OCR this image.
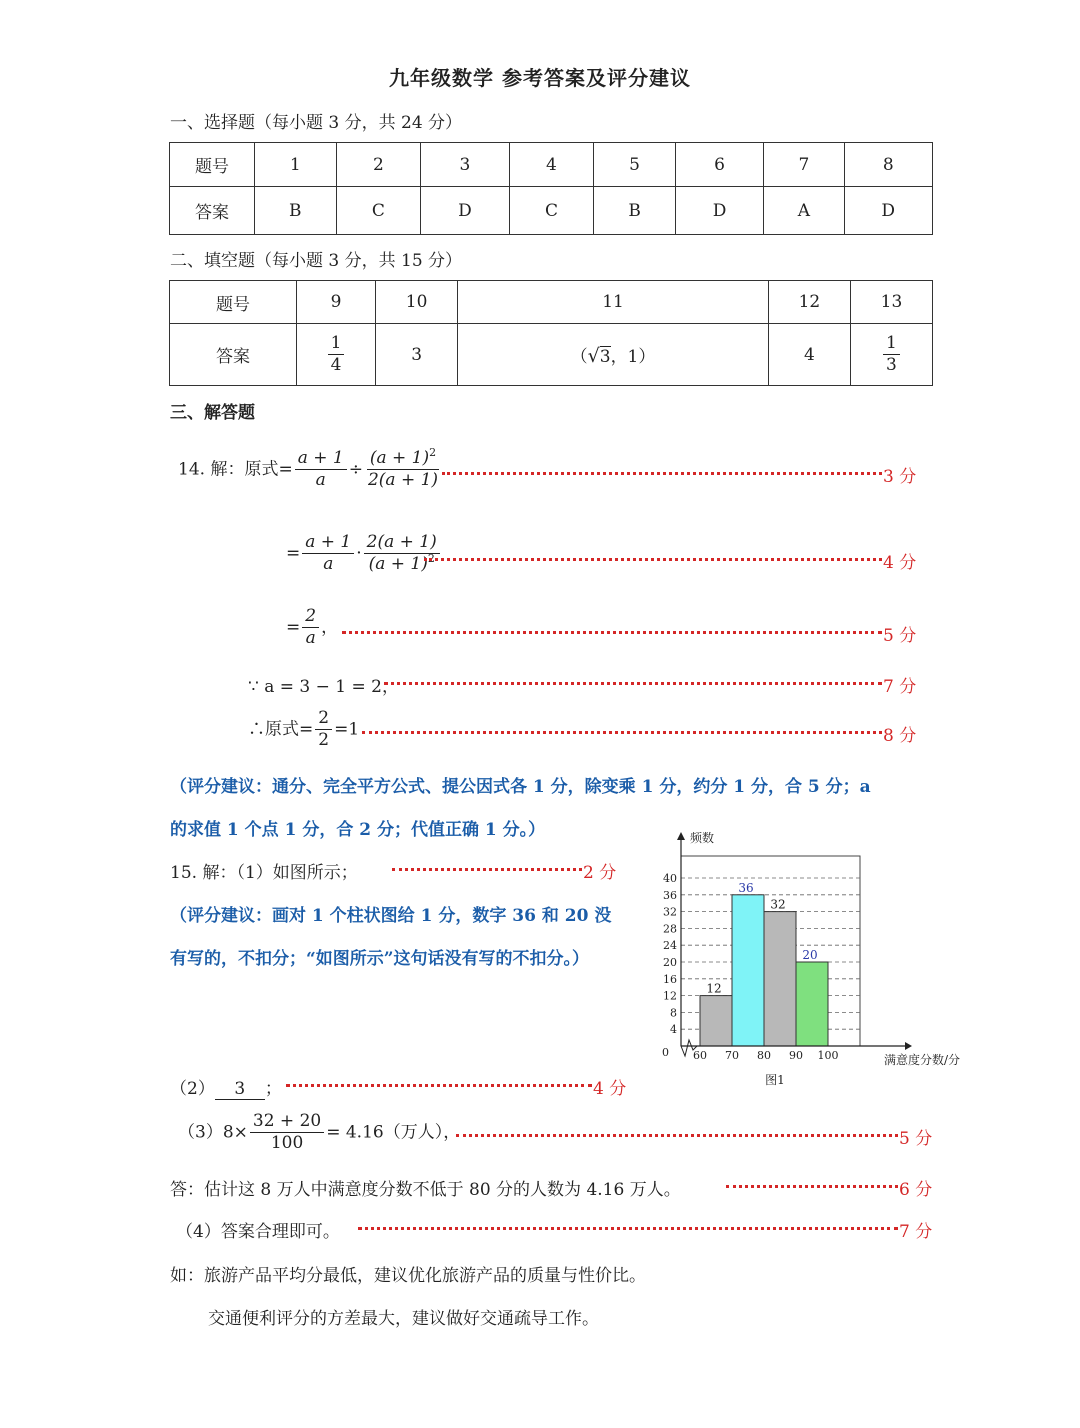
九年级数学 参考答案及评分建议
一、选择题（每小题 3 分，共 24 分）
题号	1	2	3	4	5	6	7	8
答案	B	C	D	C	B	D	A	D
二、填空题（每小题 3 分，共 15 分）
题号	9	10	11	12	13
答案	$\frac{1}{4}$	3	（√3，1）	4	$\frac{1}{3}$
三、解答题
14. 解：原式= $\frac{a + 1}{a} \div \frac{(a + 1)^2}{2(a + 1)}$	3 分
= $\frac{a + 1}{a} \cdot \frac{2(a + 1)}{(a + 1)^2}$	4 分
= $\frac{2}{a}$ ，	5 分
∵ a = 3 − 1 = 2，	7 分
∴原式= $\frac{2}{2} =1$	8 分
（评分建议：通分、完全平方公式、提公因式各 1 分，除变乘 1 分，约分 1 分，合 5 分；a
的求值 1 个点 1 分，合 2 分；代值正确 1 分。）
15. 解：（1）如图所示；	2 分
（评分建议：画对 1 个柱状图给 1 分，数字 36 和 20 没
有写的，不扣分；“如图所示”这句话没有写的不扣分。）
4
8
12
16
20
24
28
32
36
40
0
12
36
32
20
60 70 80 90 100
频数
满意度分数/分
图1
（2） 3 ；	4 分
$(3)8\times \frac{32 + 20}{100} = 4.16$（万人），	5 分
答：估计这 8 万人中满意度分数不低于 80 分的人数为 4.16 万人。	6 分
（4）答案合理即可。	7 分
如：旅游产品平均分最低，建议优化旅游产品的质量与性价比。
交通便利评分的方差最大，建议做好交通疏导工作。
